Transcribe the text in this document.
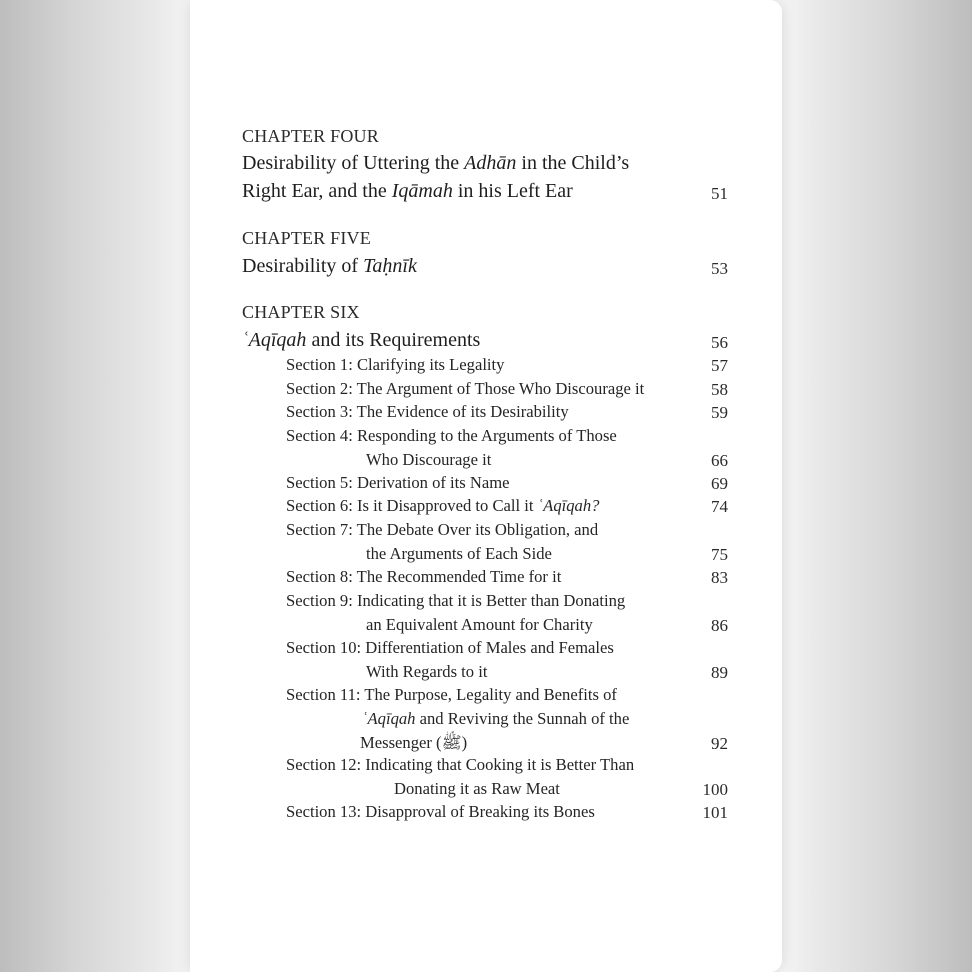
CHAPTER FOUR
Desirability of Uttering the Adhān in the Child’s
Right Ear, and the Iqāmah in his Left Ear	51
CHAPTER FIVE
Desirability of Taḥnīk	53
CHAPTER SIX
ʿAqīqah and its Requirements	56
Section 1: Clarifying its Legality	57
Section 2: The Argument of Those Who Discourage it	58
Section 3: The Evidence of its Desirability	59
Section 4: Responding to the Arguments of Those
Who Discourage it	66
Section 5: Derivation of its Name	69
Section 6: Is it Disapproved to Call it ʿAqīqah?	74
Section 7: The Debate Over its Obligation, and
the Arguments of Each Side	75
Section 8: The Recommended Time for it	83
Section 9: Indicating that it is Better than Donating
an Equivalent Amount for Charity	86
Section 10: Differentiation of Males and Females
With Regards to it	89
Section 11: The Purpose, Legality and Benefits of
ʿAqīqah and Reviving the Sunnah of the
Messenger (ﷺ)	92
Section 12: Indicating that Cooking it is Better Than
Donating it as Raw Meat	100
Section 13: Disapproval of Breaking its Bones	101
